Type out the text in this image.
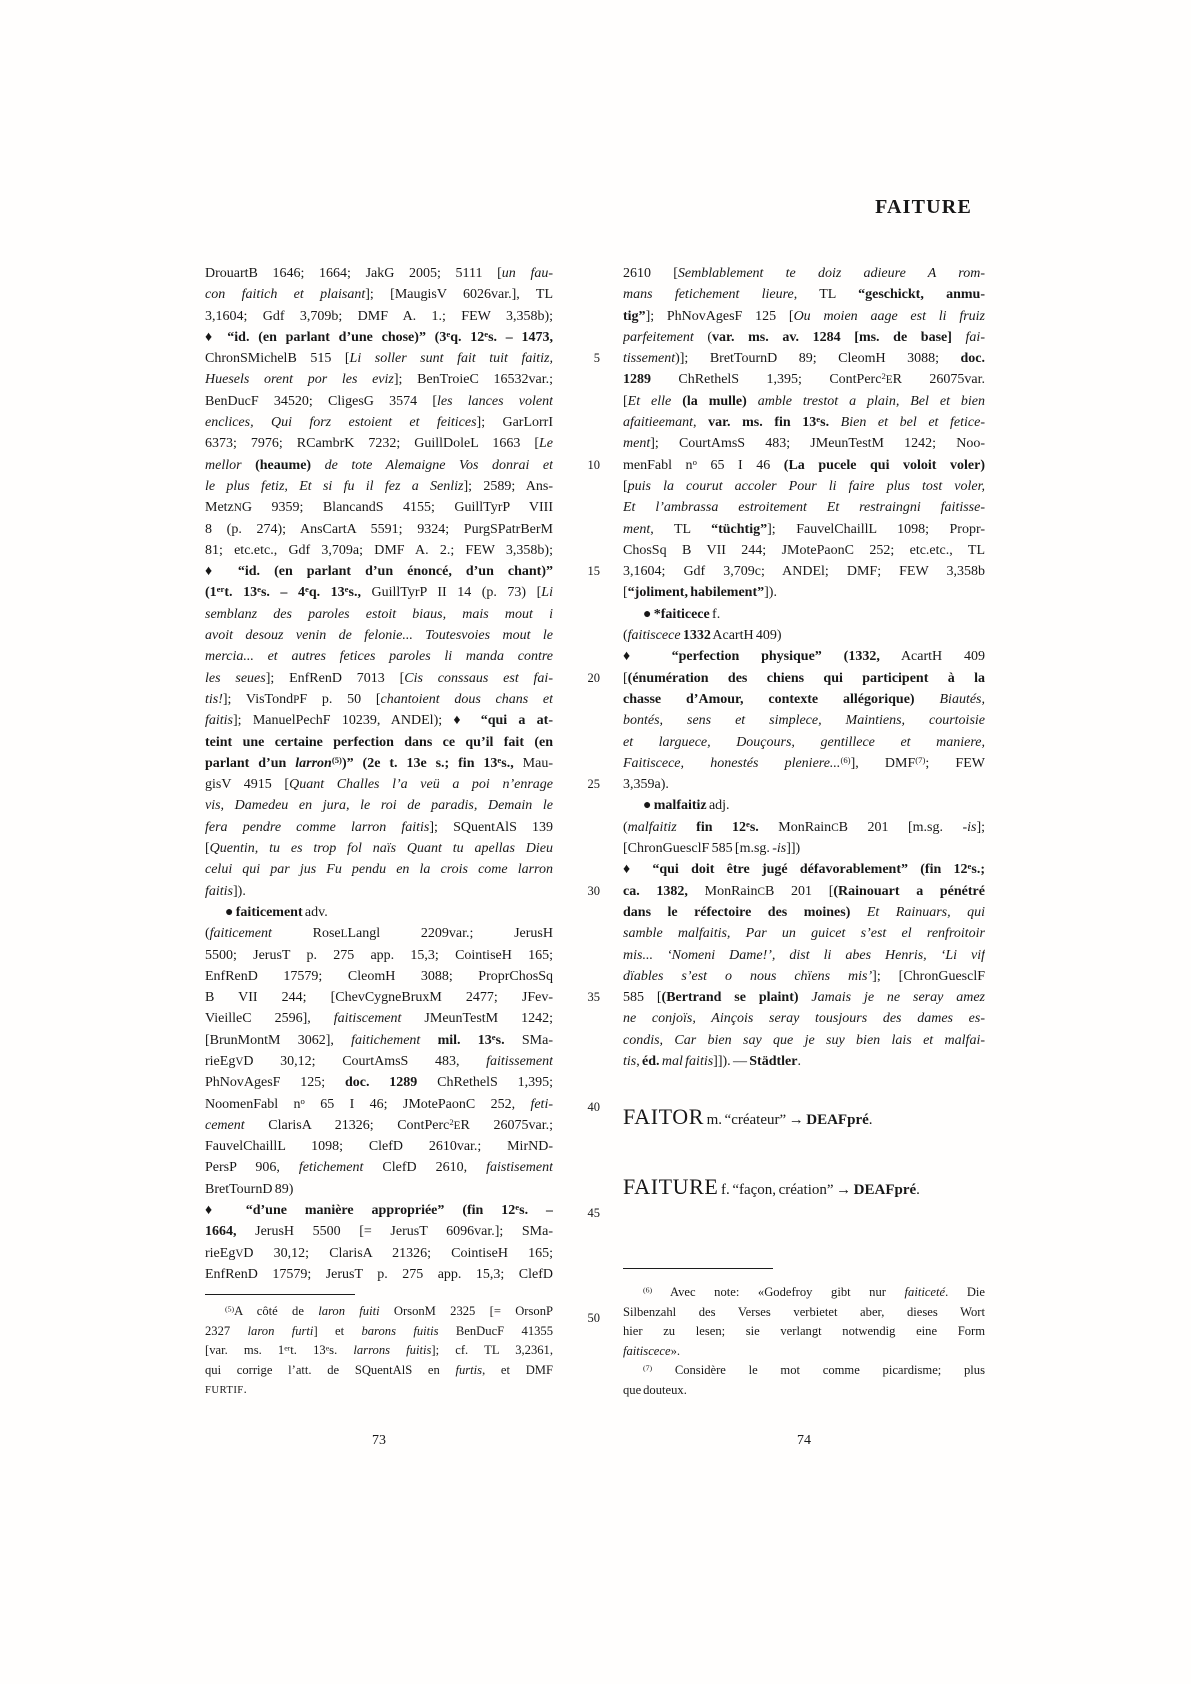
FAITURE
DrouartB 1646; 1664; JakG 2005; 5111 [un fau-
con faitich et plaisant]; [MaugisV 6026var.], TL
3,1604; Gdf 3,709b; DMF A. 1.; FEW 3,358b);
♦ “id. (en parlant d’une chose)” (3eq. 12es. – 1473,
ChronSMichelB 515 [Li soller sunt fait tuit faitiz,
Huesels orent por les eviz]; BenTroieC 16532var.;
BenDucF 34520; CligesG 3574 [les lances volent
enclices, Qui forz estoient et feitices]; GarLorrI
6373; 7976; RCambrK 7232; GuillDoleL 1663 [Le
mellor (heaume) de tote Alemaigne Vos donrai et
le plus fetiz, Et si fu il fez a Senliz]; 2589; Ans-
MetzNG 9359; BlancandS 4155; GuillTyrP VIII
8 (p. 274); AnsCartA 5591; 9324; PurgSPatrBerM
81; etc.etc., Gdf 3,709a; DMF A. 2.; FEW 3,358b);
♦ “id. (en parlant d’un énoncé, d’un chant)”
(1ert. 13es. – 4eq. 13es., GuillTyrP II 14 (p. 73) [Li
semblanz des paroles estoit biaus, mais mout i
avoit desouz venin de felonie... Toutesvoies mout le
mercia... et autres fetices paroles li manda contre
les seues]; EnfRenD 7013 [Cis conssaus est fai-
tis!]; VisTondPF p. 50 [chantoient dous chans et
faitis]; ManuelPechF 10239, ANDEl); ♦ “qui a at-
teint une certaine perfection dans ce qu’il fait (en
parlant d’un larron$^{(5)}$)” (2e t. 13e s.; fin 13es., Mau-
gisV 4915 [Quant Challes l’a veü a poi n’enrage
vis, Damedeu en jura, le roi de paradis, Demain le
fera pendre comme larron faitis]; SQuentAlS 139
[Quentin, tu es trop fol naïs Quant tu apellas Dieu
celui qui par jus Fu pendu en la crois come larron
faitis]).
● faiticement adv.
(faiticement RoseLLangl 2209var.; JerusH
5500; JerusT p. 275 app. 15,3; CointiseH 165;
EnfRenD 17579; CleomH 3088; ProprChosSq
B VII 244; [ChevCygneBruxM 2477; JFev-
VieilleC 2596], faitiscement JMeunTestM 1242;
[BrunMontM 3062], faitichement mil. 13es. SMa-
rieEgVD 30,12; CourtAmsS 483, faitissement
PhNovAgesF 125; doc. 1289 ChRethelS 1,395;
NoomenFabl $n^o$ 65 I 46; JMotePaonC 252, feti-
cement ClarisA 21326; ContPerc$^2$ER 26075var.;
FauvelChaillL 1098; ClefD 2610var.; MirND-
PersP 906, fetichement ClefD 2610, faistisement
BretTournD 89)
♦ “d’une manière appropriée” (fin 12es. –
1664, JerusH 5500 [= JerusT 6096var.]; SMa-
rieEgVD 30,12; ClarisA 21326; CointiseH 165;
EnfRenD 17579; JerusT p. 275 app. 15,3; ClefD
2610 [Semblablement te doiz adieure A rom-
mans fetichement lieure, TL “geschickt, anmu-
tig”]; PhNovAgesF 125 [Ou moien aage est li fruiz
parfeitement (var. ms. av. 1284 [ms. de base] fai-
tissement)]; BretTournD 89; CleomH 3088; doc.
1289 ChRethelS 1,395; ContPerc$^2$ER 26075var.
[Et elle (la mulle) amble trestot a plain, Bel et bien
afaitieemant, var. ms. fin 13es. Bien et bel et fetice-
ment]; CourtAmsS 483; JMeunTestM 1242; Noo-
menFabl $n^o$ 65 I 46 (La pucele qui voloit voler)
[puis la courut accoler Pour li faire plus tost voler,
Et l’ambrassa estroitement Et restraingni faitisse-
ment, TL “tüchtig”]; FauvelChaillL 1098; Propr-
ChosSq B VII 244; JMotePaonC 252; etc.etc., TL
3,1604; Gdf 3,709c; ANDEl; DMF; FEW 3,358b
[“joliment, habilement”]).
● *faiticece f.
(faitiscece 1332 AcartH 409)
♦ “perfection physique” (1332, AcartH 409
[(énumération des chiens qui participent à la
chasse d’Amour, contexte allégorique) Biautés,
bontés, sens et simplece, Maintiens, courtoisie
et larguece, Douçours, gentillece et maniere,
Faitiscece, honestés pleniere...$^{(6)}$], DMF$^{(7)}$; FEW
3,359a).
● malfaitiz adj.
(malfaitiz fin 12es. MonRainCB 201 [m.sg. -is];
[ChronGuesclF 585 [m.sg. -is]])
♦ “qui doit être jugé défavorablement” (fin 12es.;
ca. 1382, MonRainCB 201 [(Rainouart a pénétré
dans le réfectoire des moines) Et Rainuars, qui
samble malfaitis, Par un guicet s’est el renfroitoir
mis... ‘Nomeni Dame!’, dist li abes Henris, ‘Li vif
dïables s’est o nous chïens mis’]; [ChronGuesclF
585 [(Bertrand se plaint) Jamais je ne seray amez
ne conjoïs, Ainçois seray tousjours des dames es-
condis, Car bien say que je suy bien lais et malfai-
tis, éd. mal faitis]]). — Städtler.
5
10
15
20
25
30
35
40
45
50
FAITOR m. “créateur” → DEAFpré.
FAITURE f. “façon, création” → DEAFpré.
$^{(5)}$A côté de laron fuiti OrsonM 2325 [= OrsonP
2327 laron furti] et barons fuitis BenDucF 41355
[var. ms. 1ert. 13es. larrons fuitis]; cf. TL 3,2361,
qui corrige l’att. de SQuentAlS en furtis, et DMF
FURTIF.
$^{(6)}$ Avec note: «Godefroy gibt nur faiticeté. Die
Silbenzahl des Verses verbietet aber, dieses Wort
hier zu lesen; sie verlangt notwendig eine Form
faitiscece».
$^{(7)}$ Considère le mot comme picardisme; plus
que douteux.
73	74
